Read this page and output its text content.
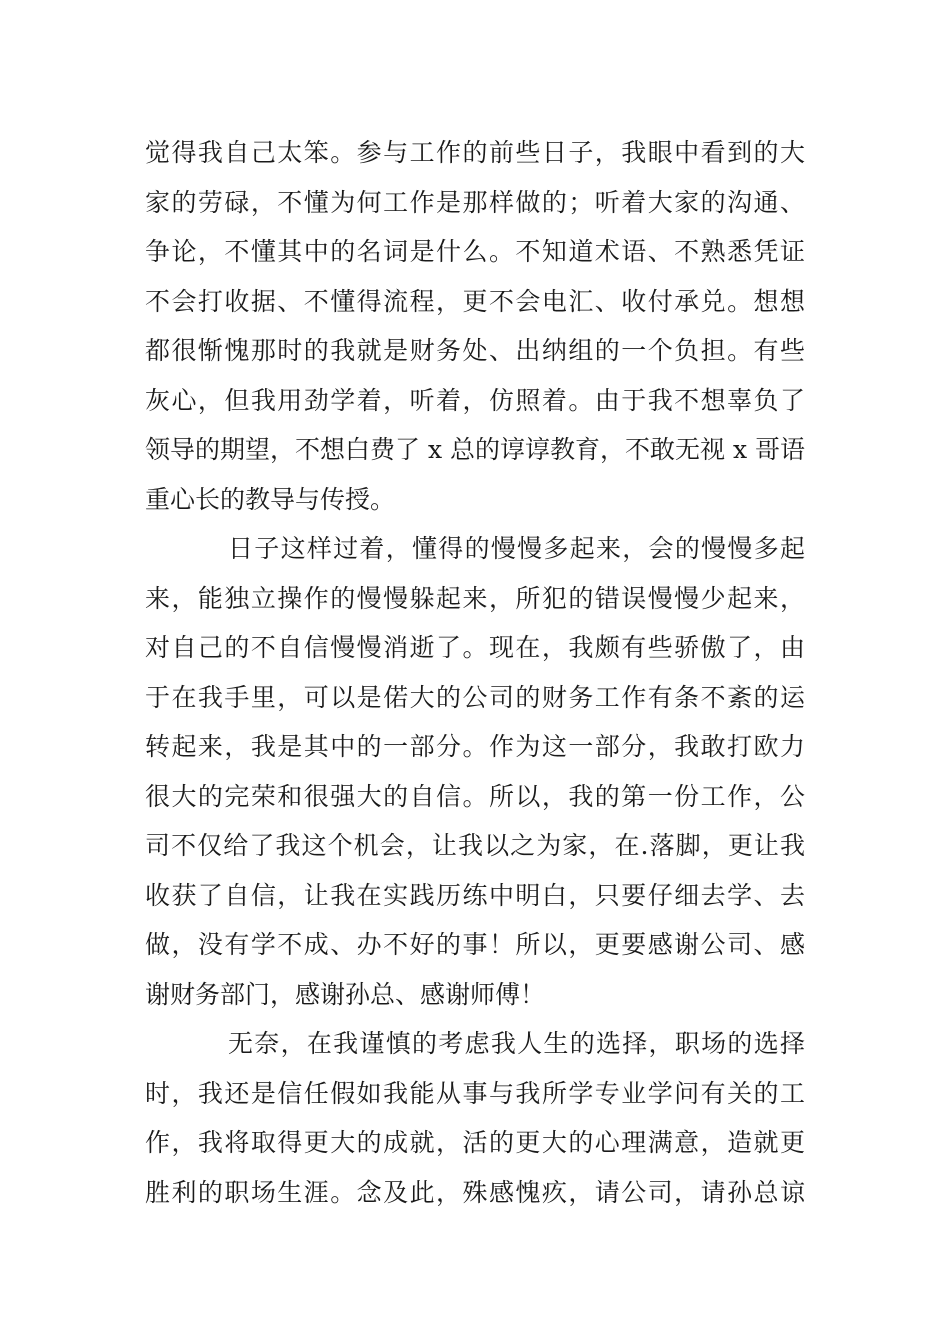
觉得我自己太笨。参与工作的前些日子，我眼中看到的大
家的劳碌，不懂为何工作是那样做的；听着大家的沟通、
争论，不懂其中的名词是什么。不知道术语、不熟悉凭证
不会打收据、不懂得流程，更不会电汇、收付承兑。想想
都很惭愧那时的我就是财务处、出纳组的一个负担。有些
灰心，但我用劲学着，听着，仿照着。由于我不想辜负了
领导的期望，不想白费了 x 总的谆谆教育，不敢无视 x 哥语
重心长的教导与传授。
日子这样过着，懂得的慢慢多起来，会的慢慢多起
来，能独立操作的慢慢躲起来，所犯的错误慢慢少起来，
对自己的不自信慢慢消逝了。现在，我颇有些骄傲了，由
于在我手里，可以是偌大的公司的财务工作有条不紊的运
转起来，我是其中的一部分。作为这一部分，我敢打欧力
很大的完荣和很强大的自信。所以，我的第一份工作，公
司不仅给了我这个机会，让我以之为家，在.落脚，更让我
收获了自信，让我在实践历练中明白，只要仔细去学、去
做，没有学不成、办不好的事！所以，更要感谢公司、感
谢财务部门，感谢孙总、感谢师傅！
无奈，在我谨慎的考虑我人生的选择，职场的选择
时，我还是信任假如我能从事与我所学专业学问有关的工
作，我将取得更大的成就，活的更大的心理满意，造就更
胜利的职场生涯。念及此，殊感愧疚，请公司，请孙总谅
